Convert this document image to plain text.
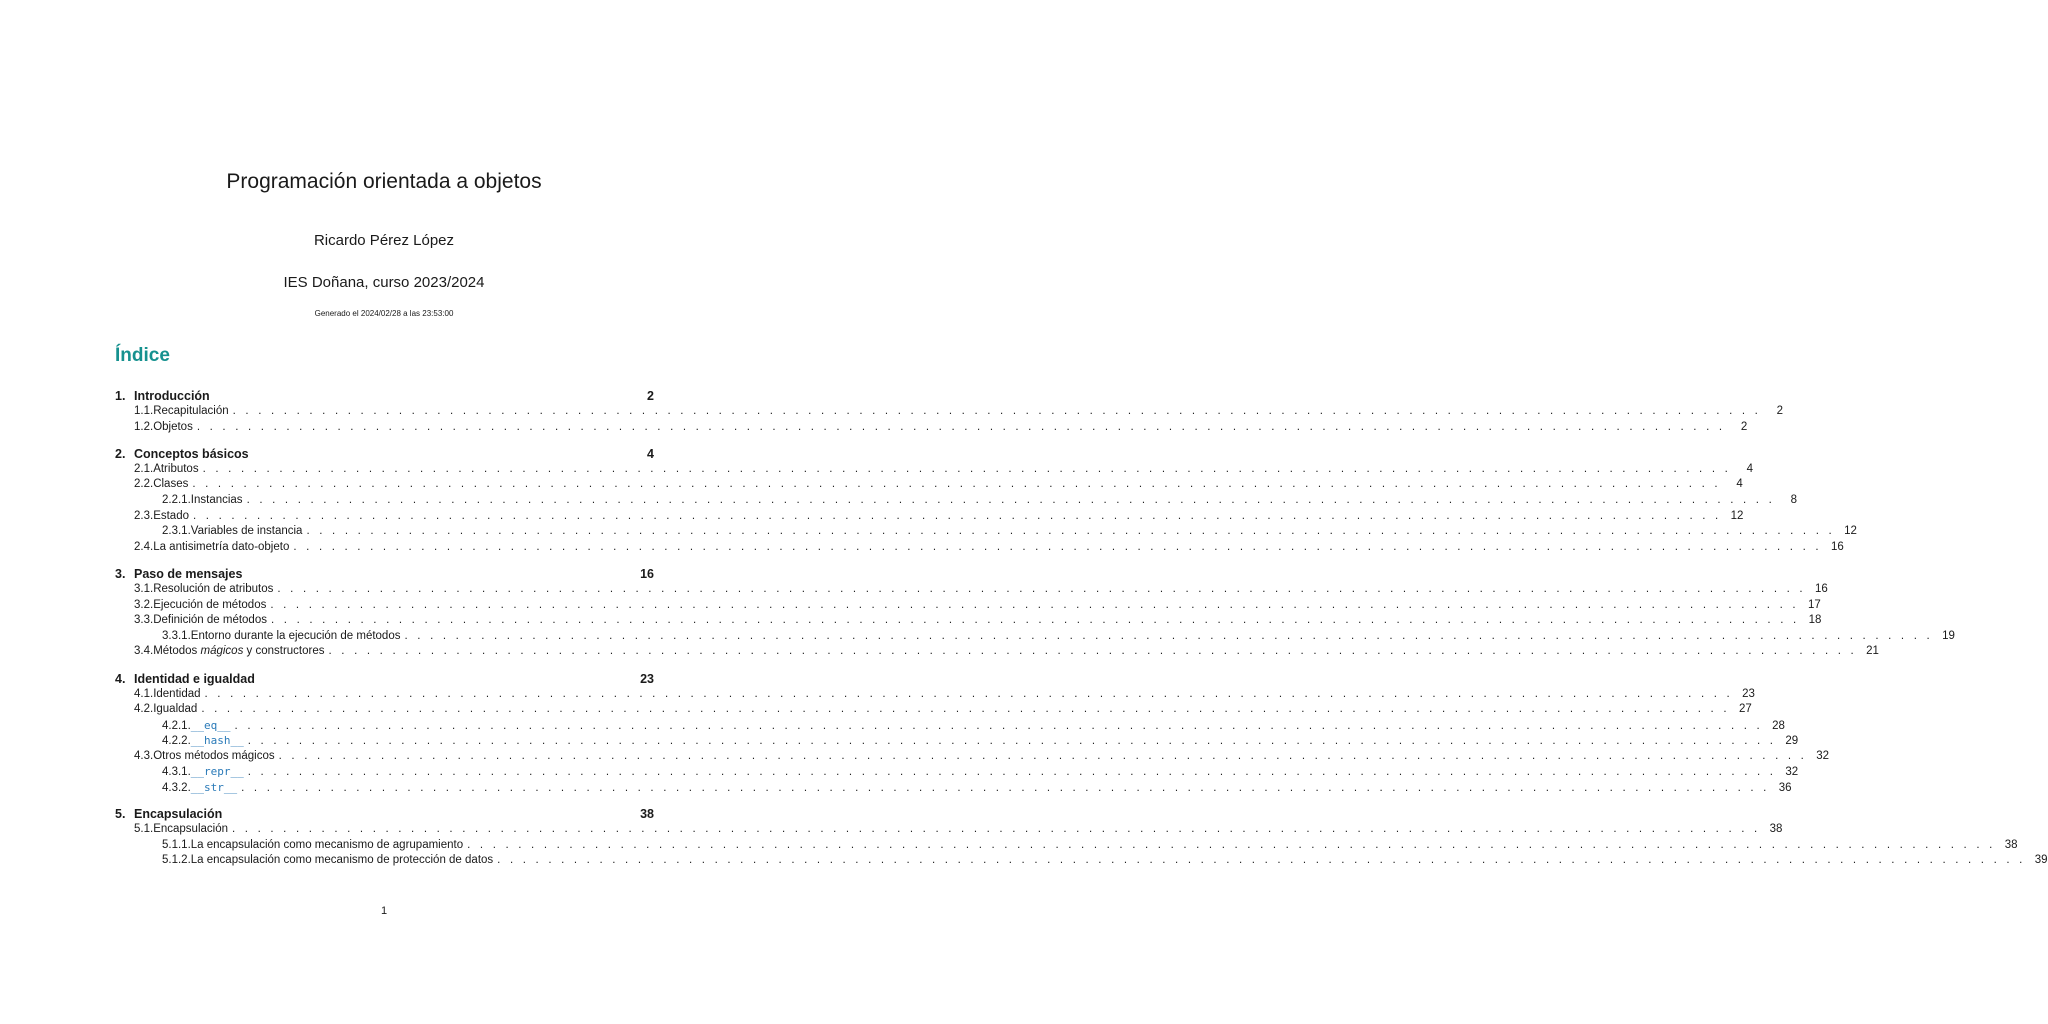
Programación orientada a objetos
Ricardo Pérez López
IES Doñana, curso 2023/2024
Generado el 2024/02/28 a las 23:53:00
Índice
1. Introducción	2
1.1. Recapitulación . . . . . . . . . . . . . . . . . . . . . . . . . . . . . . . . . . . . . . . . . . . . . . . . . . . . . . . . . . . . . . . . . . . . . . . . . . . . . . . . . . . . . . . . . . . . . . . . . . . . . . . . . . . . . . . . . . . . . . . .	2
1.2. Objetos . . . . . . . . . . . . . . . . . . . . . . . . . . . . . . . . . . . . . . . . . . . . . . . . . . . . . . . . . . . . . . . . . . . . . . . . . . . . . . . . . . . . . . . . . . . . . . . . . . . . . . . . . . . . . . . . . . . . . . . .	2
2. Conceptos básicos	4
2.1. Atributos . . . . . . . . . . . . . . . . . . . . . . . . . . . . . . . . . . . . . . . . . . . . . . . . . . . . . . . . . . . . . . . . . . . . . . . . . . . . . . . . . . . . . . . . . . . . . . . . . . . . . . . . . . . . . . . . . . . . . . . .	4
2.2. Clases . . . . . . . . . . . . . . . . . . . . . . . . . . . . . . . . . . . . . . . . . . . . . . . . . . . . . . . . . . . . . . . . . . . . . . . . . . . . . . . . . . . . . . . . . . . . . . . . . . . . . . . . . . . . . . . . . . . . . . . .	4
2.2.1. Instancias . . . . . . . . . . . . . . . . . . . . . . . . . . . . . . . . . . . . . . . . . . . . . . . . . . . . . . . . . . . . . . . . . . . . . . . . . . . . . . . . . . . . . . . . . . . . . . . . . . . . . . . . . . . . . . . . . . . . . . . .	8
2.3. Estado . . . . . . . . . . . . . . . . . . . . . . . . . . . . . . . . . . . . . . . . . . . . . . . . . . . . . . . . . . . . . . . . . . . . . . . . . . . . . . . . . . . . . . . . . . . . . . . . . . . . . . . . . . . . . . . . . . . . . . . . 12
2.3.1. Variables de instancia . . . . . . . . . . . . . . . . . . . . . . . . . . . . . . . . . . . . . . . . . . . . . . . . . . . . . . . . . . . . . . . . . . . . . . . . . . . . . . . . . . . . . . . . . . . . . . . . . . . . . . . . . . . . . . . . . . . . . . . . 12
2.4. La antisimetría dato-objeto . . . . . . . . . . . . . . . . . . . . . . . . . . . . . . . . . . . . . . . . . . . . . . . . . . . . . . . . . . . . . . . . . . . . . . . . . . . . . . . . . . . . . . . . . . . . . . . . . . . . . . . . . . . . . . . . . . . . . . . . 16
3. Paso de mensajes	16
3.1. Resolución de atributos . . . . . . . . . . . . . . . . . . . . . . . . . . . . . . . . . . . . . . . . . . . . . . . . . . . . . . . . . . . . . . . . . . . . . . . . . . . . . . . . . . . . . . . . . . . . . . . . . . . . . . . . . . . . . . . . . . . . . . . . 16
3.2. Ejecución de métodos . . . . . . . . . . . . . . . . . . . . . . . . . . . . . . . . . . . . . . . . . . . . . . . . . . . . . . . . . . . . . . . . . . . . . . . . . . . . . . . . . . . . . . . . . . . . . . . . . . . . . . . . . . . . . . . . . . . . . . . . 17
3.3. Definición de métodos . . . . . . . . . . . . . . . . . . . . . . . . . . . . . . . . . . . . . . . . . . . . . . . . . . . . . . . . . . . . . . . . . . . . . . . . . . . . . . . . . . . . . . . . . . . . . . . . . . . . . . . . . . . . . . . . . . . . . . . . 18
3.3.1. Entorno durante la ejecución de métodos . . . . . . . . . . . . . . . . . . . . . . . . . . . . . . . . . . . . . . . . . . . . . . . . . . . . . . . . . . . . . . . . . . . . . . . . . . . . . . . . . . . . . . . . . . . . . . . . . . . . . . . . . . . . . . . . . . . . . . . . 19
3.4. Métodos mágicos y constructores . . . . . . . . . . . . . . . . . . . . . . . . . . . . . . . . . . . . . . . . . . . . . . . . . . . . . . . . . . . . . . . . . . . . . . . . . . . . . . . . . . . . . . . . . . . . . . . . . . . . . . . . . . . . . . . . . . . . . . . . 21
4. Identidad e igualdad	23
4.1. Identidad . . . . . . . . . . . . . . . . . . . . . . . . . . . . . . . . . . . . . . . . . . . . . . . . . . . . . . . . . . . . . . . . . . . . . . . . . . . . . . . . . . . . . . . . . . . . . . . . . . . . . . . . . . . . . . . . . . . . . . . . 23
4.2. Igualdad . . . . . . . . . . . . . . . . . . . . . . . . . . . . . . . . . . . . . . . . . . . . . . . . . . . . . . . . . . . . . . . . . . . . . . . . . . . . . . . . . . . . . . . . . . . . . . . . . . . . . . . . . . . . . . . . . . . . . . . . 27
4.2.1. __eq__ . . . . . . . . . . . . . . . . . . . . . . . . . . . . . . . . . . . . . . . . . . . . . . . . . . . . . . . . . . . . . . . . . . . . . . . . . . . . . . . . . . . . . . . . . . . . . . . . . . . . . . . . . . . . . . . . . . . . . . . . 28
4.2.2. __hash__ . . . . . . . . . . . . . . . . . . . . . . . . . . . . . . . . . . . . . . . . . . . . . . . . . . . . . . . . . . . . . . . . . . . . . . . . . . . . . . . . . . . . . . . . . . . . . . . . . . . . . . . . . . . . . . . . . . . . . . . . 29
4.3. Otros métodos mágicos . . . . . . . . . . . . . . . . . . . . . . . . . . . . . . . . . . . . . . . . . . . . . . . . . . . . . . . . . . . . . . . . . . . . . . . . . . . . . . . . . . . . . . . . . . . . . . . . . . . . . . . . . . . . . . . . . . . . . . . . 32
4.3.1. __repr__ . . . . . . . . . . . . . . . . . . . . . . . . . . . . . . . . . . . . . . . . . . . . . . . . . . . . . . . . . . . . . . . . . . . . . . . . . . . . . . . . . . . . . . . . . . . . . . . . . . . . . . . . . . . . . . . . . . . . . . . . 32
4.3.2. __str__ . . . . . . . . . . . . . . . . . . . . . . . . . . . . . . . . . . . . . . . . . . . . . . . . . . . . . . . . . . . . . . . . . . . . . . . . . . . . . . . . . . . . . . . . . . . . . . . . . . . . . . . . . . . . . . . . . . . . . . . . 36
5. Encapsulación	38
5.1. Encapsulación . . . . . . . . . . . . . . . . . . . . . . . . . . . . . . . . . . . . . . . . . . . . . . . . . . . . . . . . . . . . . . . . . . . . . . . . . . . . . . . . . . . . . . . . . . . . . . . . . . . . . . . . . . . . . . . . . . . . . . . . 38
5.1.1. La encapsulación como mecanismo de agrupamiento . . . . . . . . . . . . . . . . . . . . . . . . . . . . . . . . . . . . . . . . . . . . . . . . . . . . . . . . . . . . . . . . . . . . . . . . . . . . . . . . . . . . . . . . . . . . . . . . . . . . . . . . . . . . . . . . . . . . . . . . 38
5.1.2. La encapsulación como mecanismo de protección de datos . . . . . . . . . . . . . . . . . . . . . . . . . . . . . . . . . . . . . . . . . . . . . . . . . . . . . . . . . . . . . . . . . . . . . . . . . . . . . . . . . . . . . . . . . . . . . . . . . . . . . . . . . . . . . . . . . . . . . . . . 39
1
